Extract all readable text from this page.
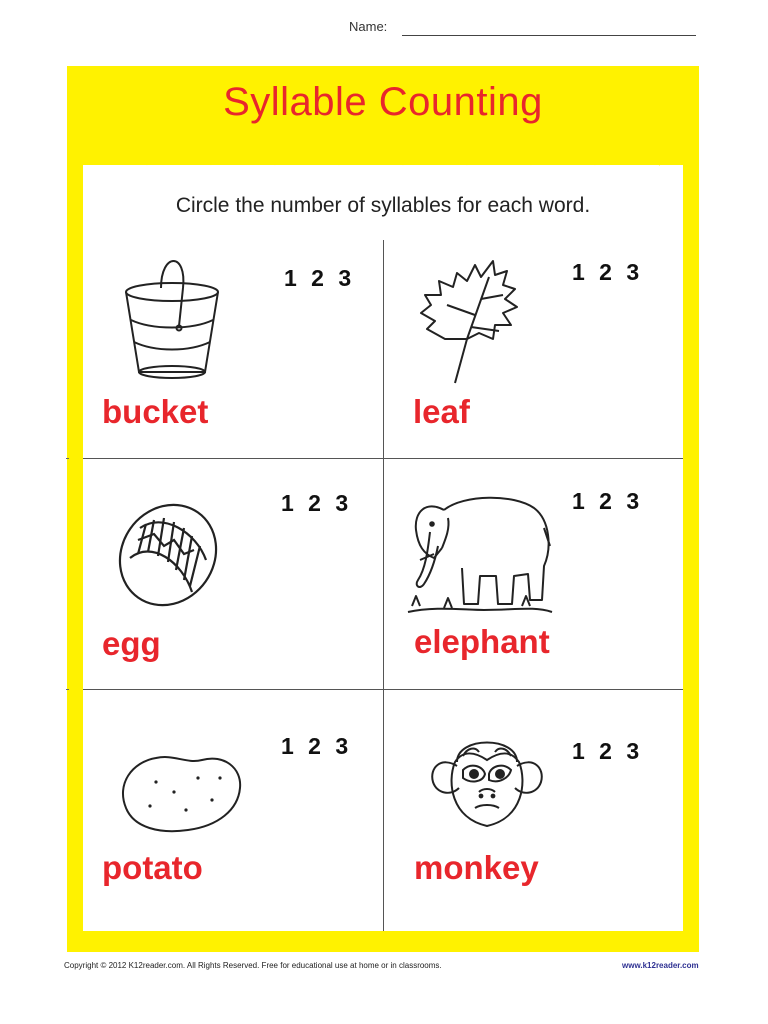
Name:
Syllable Counting
Circle the number of syllables for each word.
1 2 3
bucket
1 2 3
leaf
1 2 3
egg
1 2 3
elephant
1 2 3
potato
1 2 3
monkey
Copyright © 2012 K12reader.com. All Rights Reserved. Free for educational use at home or in classrooms.	www.k12reader.com
